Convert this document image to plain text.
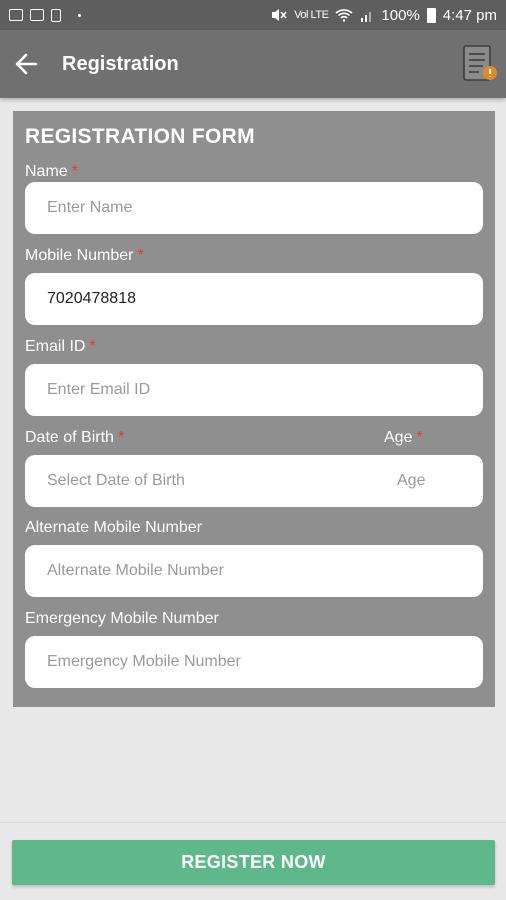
Vol LTE	100% 4:47 pm
Registration
REGISTRATION FORM
Name *
Enter Name
Mobile Number *
7020478818
Email ID *
Enter Email ID
Date of Birth *	Age *
Select Date of Birth
Age
Alternate Mobile Number
Alternate Mobile Number
Emergency Mobile Number
Emergency Mobile Number
REGISTER NOW
